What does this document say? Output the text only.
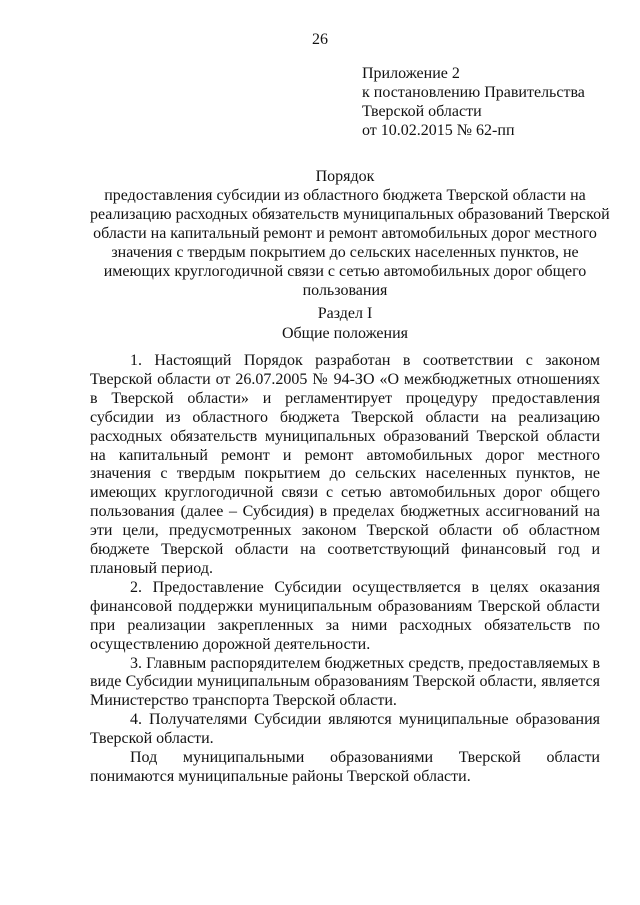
26
Приложение 2
к постановлению Правительства
Тверской области
от 10.02.2015 № 62-пп
Порядок
предоставления субсидии из областного бюджета Тверской области на
реализацию расходных обязательств муниципальных образований Тверской
области на капитальный ремонт и ремонт автомобильных дорог местного
значения с твердым покрытием до сельских населенных пунктов, не
имеющих круглогодичной связи с сетью автомобильных дорог общего
пользования
Раздел I
Общие положения

1. Настоящий Порядок разработан в соответствии с законом Тверской области от 26.07.2005 № 94-ЗО «О межбюджетных отношениях в Тверской области» и регламентирует процедуру предоставления субсидии из областного бюджета Тверской области на реализацию расходных обязательств муниципальных образований Тверской области на капитальный ремонт и ремонт автомобильных дорог местного значения с твердым покрытием до сельских населенных пунктов, не имеющих круглогодичной связи с сетью автомобильных дорог общего пользования (далее – Субсидия) в пределах бюджетных ассигнований на эти цели, предусмотренных законом Тверской области об областном бюджете Тверской области на соответствующий финансовый год и плановый период.

2. Предоставление Субсидии осуществляется в целях оказания финансовой поддержки муниципальным образованиям Тверской области при реализации закрепленных за ними расходных обязательств по осуществлению дорожной деятельности.

3. Главным распорядителем бюджетных средств, предоставляемых в виде Субсидии муниципальным образованиям Тверской области, является Министерство транспорта Тверской области.

4. Получателями Субсидии являются муниципальные образования Тверской области.

Под муниципальными образованиями Тверской области понимаются муниципальные районы Тверской области.
